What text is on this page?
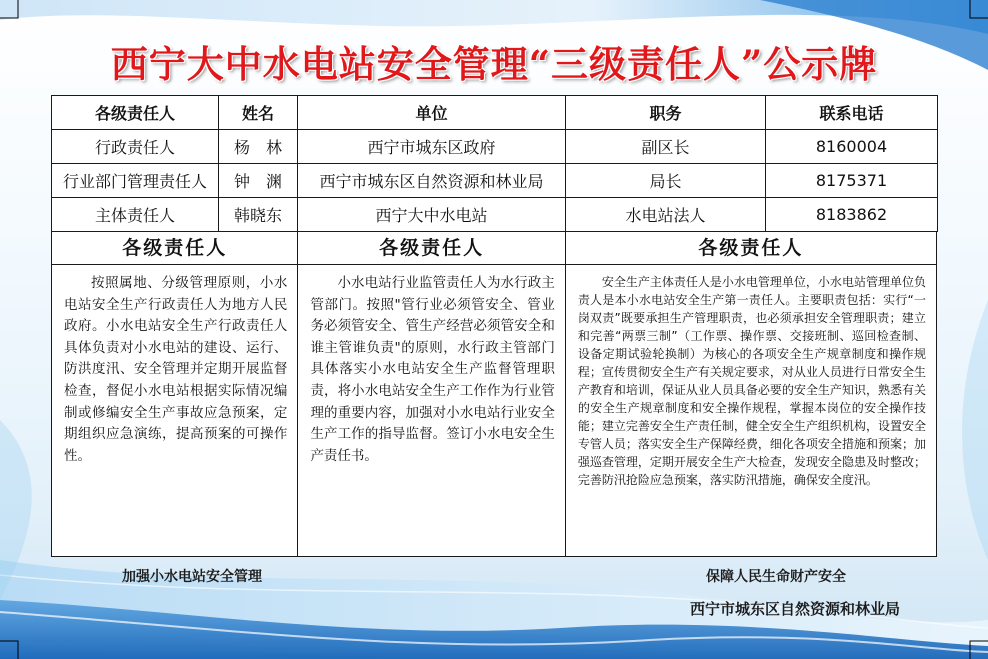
西宁大中水电站安全管理“三级责任人”公示牌
各级责任人	姓名	单位	职务	联系电话
行政责任人	杨　林	西宁市城东区政府	副区长	8160004
行业部门管理责任人	钟　渊	西宁市城东区自然资源和林业局	局长	8175371
主体责任人	韩晓东	西宁大中水电站	水电站法人	8183862
各级责任人
按照属地、分级管理原则，小水电站安全生产行政责任人为地方人民政府。小水电站安全生产行政责任人具体负责对小水电站的建设、运行、防洪度汛、安全管理并定期开展监督检查，督促小水电站根据实际情况编制或修编安全生产事故应急预案，定期组织应急演练，提高预案的可操作性。
各级责任人
小水电站行业监管责任人为水行政主管部门。按照"管行业必须管安全、管业务必须管安全、管生产经营必须管安全和谁主管谁负责"的原则，水行政主管部门具体落实小水电站安全生产监督管理职责，将小水电站安全生产工作作为行业管理的重要内容，加强对小水电站行业安全生产工作的指导监督。签订小水电安全生产责任书。
各级责任人
安全生产主体责任人是小水电管理单位，小水电站管理单位负责人是本小水电站安全生产第一责任人。主要职责包括：实行“一岗双责”既要承担生产管理职责，也必须承担安全管理职责；建立和完善“两票三制”（工作票、操作票、交接班制、巡回检查制、设备定期试验轮换制）为核心的各项安全生产规章制度和操作规程；宣传贯彻安全生产有关规定要求，对从业人员进行日常安全生产教育和培训，保证从业人员具备必要的安全生产知识，熟悉有关的安全生产规章制度和安全操作规程，掌握本岗位的安全操作技能；建立完善安全生产责任制，健全安全生产组织机构，设置安全专管人员；落实安全生产保障经费，细化各项安全措施和预案；加强巡查管理，定期开展安全生产大检查，发现安全隐患及时整改；完善防汛抢险应急预案，落实防汛措施，确保安全度汛。
加强小水电站安全管理	保障人民生命财产安全
西宁市城东区自然资源和林业局
